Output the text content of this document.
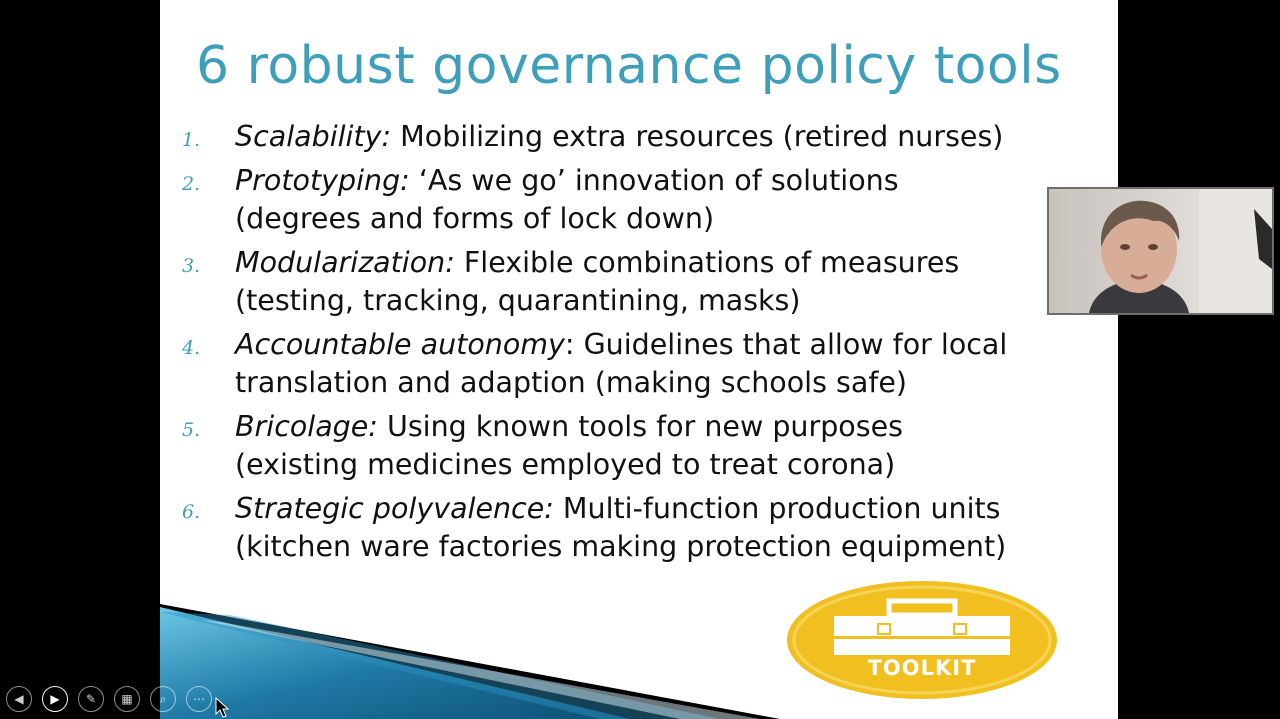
6 robust governance policy tools
1. Scalability: Mobilizing extra resources (retired nurses)
2. Prototyping: ‘As we go’ innovation of solutions
(degrees and forms of lock down)
3. Modularization: Flexible combinations of measures
(testing, tracking, quarantining, masks)
4. Accountable autonomy: Guidelines that allow for local
translation and adaption (making schools safe)
5. Bricolage: Using known tools for new purposes
(existing medicines employed to treat corona)
6. Strategic polyvalence: Multi-function production units
(kitchen ware factories making protection equipment)
TOOLKIT
◀ ▶ ✎ ▦ ⌕ ⋯
